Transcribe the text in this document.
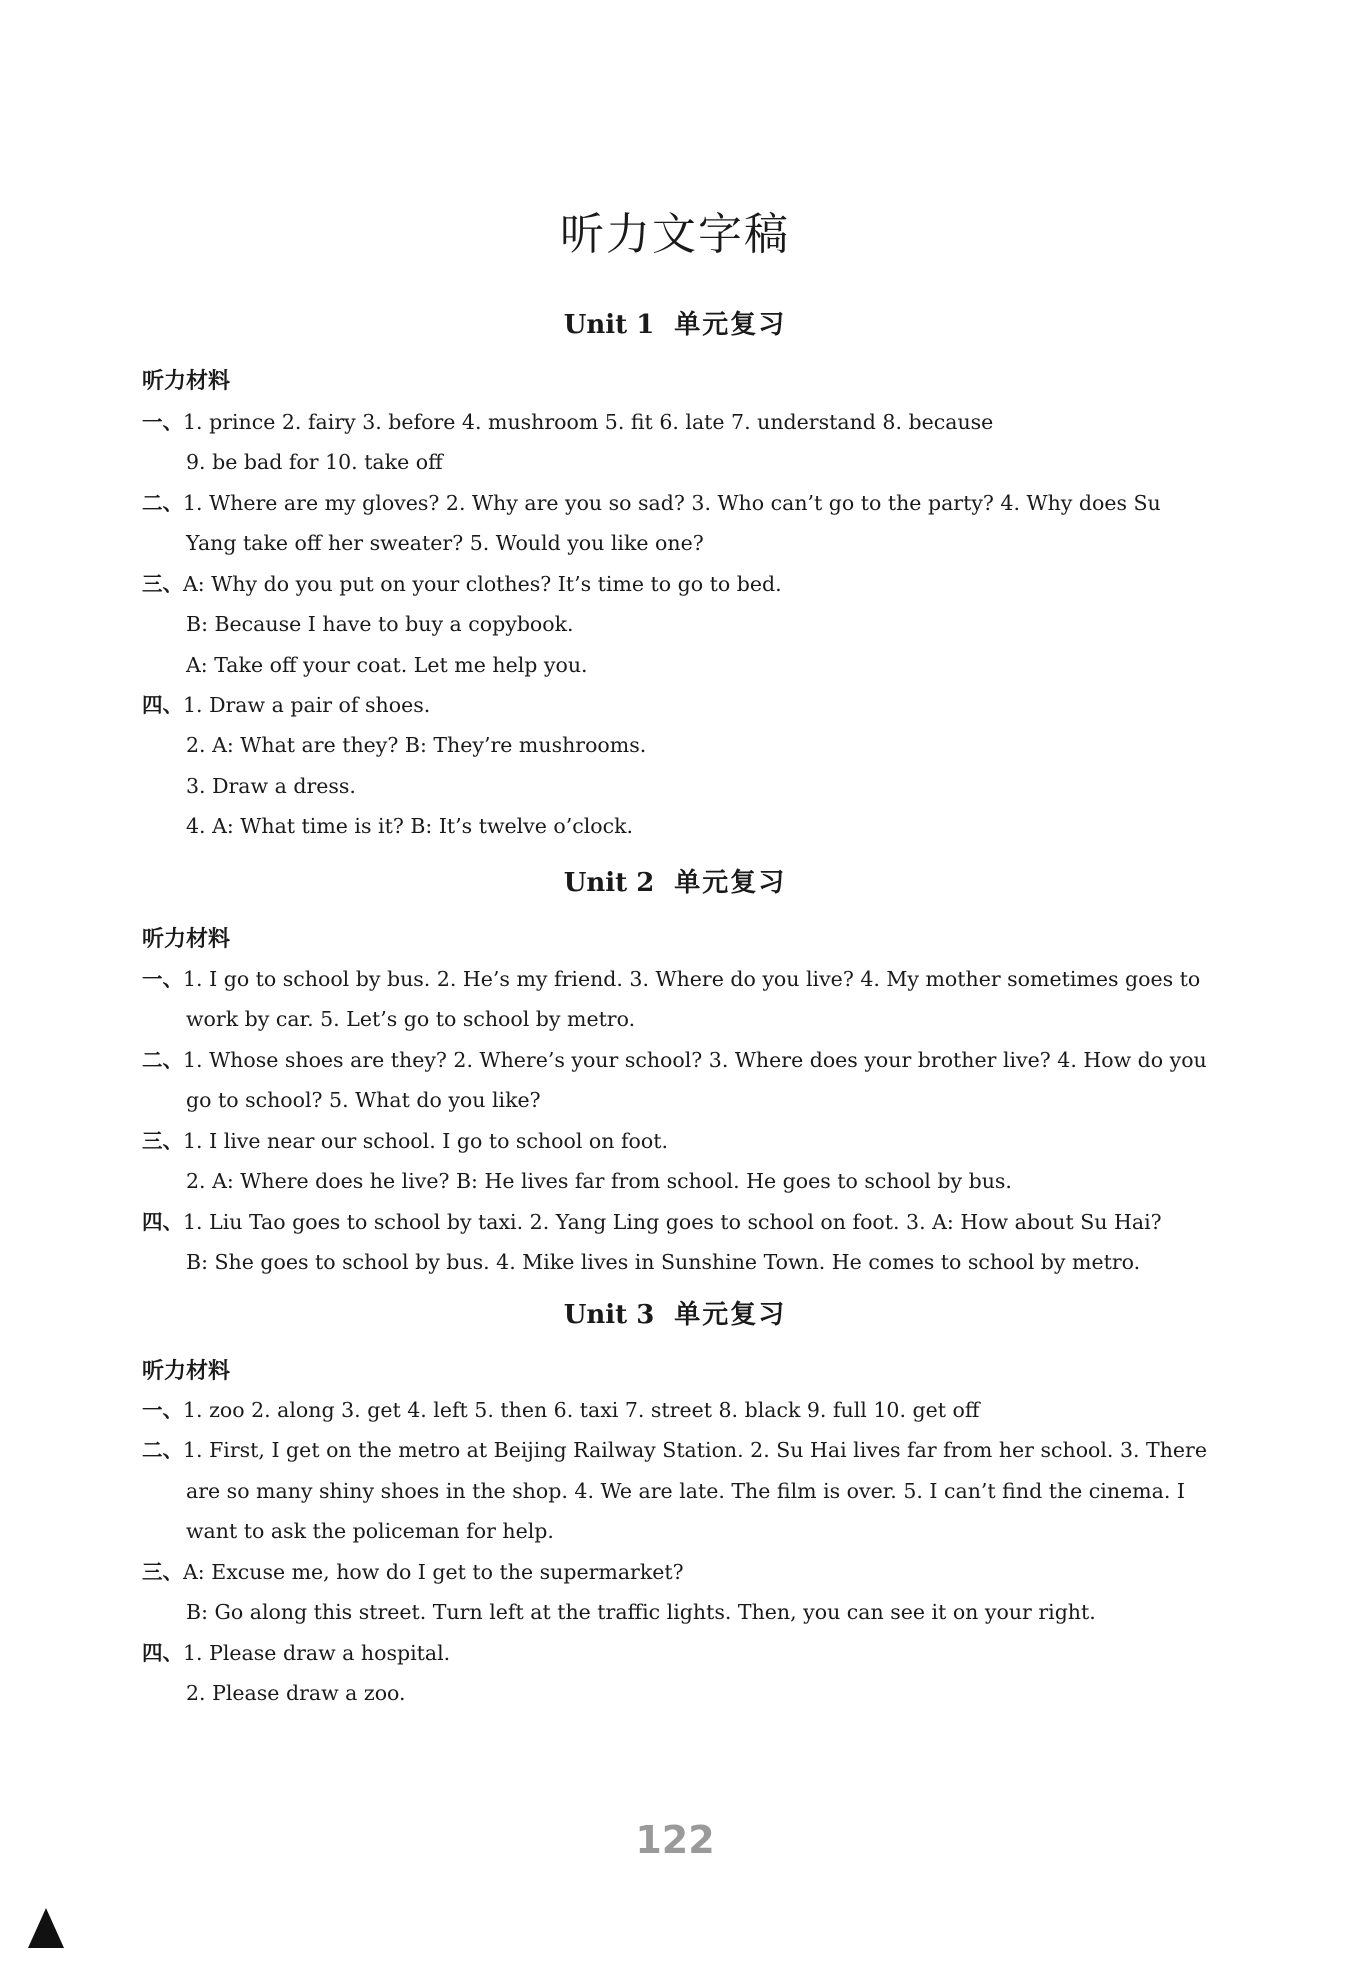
听力文字稿
Unit 1 单元复习
听力材料
一、1. prince 2. fairy 3. before 4. mushroom 5. fit 6. late 7. understand 8. because
9. be bad for 10. take off
二、1. Where are my gloves? 2. Why are you so sad? 3. Who can’t go to the party? 4. Why does Su
Yang take off her sweater? 5. Would you like one?
三、A: Why do you put on your clothes? It’s time to go to bed.
B: Because I have to buy a copybook.
A: Take off your coat. Let me help you.
四、1. Draw a pair of shoes.
2. A: What are they? B: They’re mushrooms.
3. Draw a dress.
4. A: What time is it? B: It’s twelve o’clock.
Unit 2 单元复习
听力材料
一、1. I go to school by bus. 2. He’s my friend. 3. Where do you live? 4. My mother sometimes goes to
work by car. 5. Let’s go to school by metro.
二、1. Whose shoes are they? 2. Where’s your school? 3. Where does your brother live? 4. How do you
go to school? 5. What do you like?
三、1. I live near our school. I go to school on foot.
2. A: Where does he live? B: He lives far from school. He goes to school by bus.
四、1. Liu Tao goes to school by taxi. 2. Yang Ling goes to school on foot. 3. A: How about Su Hai?
B: She goes to school by bus. 4. Mike lives in Sunshine Town. He comes to school by metro.
Unit 3 单元复习
听力材料
一、1. zoo 2. along 3. get 4. left 5. then 6. taxi 7. street 8. black 9. full 10. get off
二、1. First, I get on the metro at Beijing Railway Station. 2. Su Hai lives far from her school. 3. There
are so many shiny shoes in the shop. 4. We are late. The film is over. 5. I can’t find the cinema. I
want to ask the policeman for help.
三、A: Excuse me, how do I get to the supermarket?
B: Go along this street. Turn left at the traffic lights. Then, you can see it on your right.
四、1. Please draw a hospital.
2. Please draw a zoo.
122
